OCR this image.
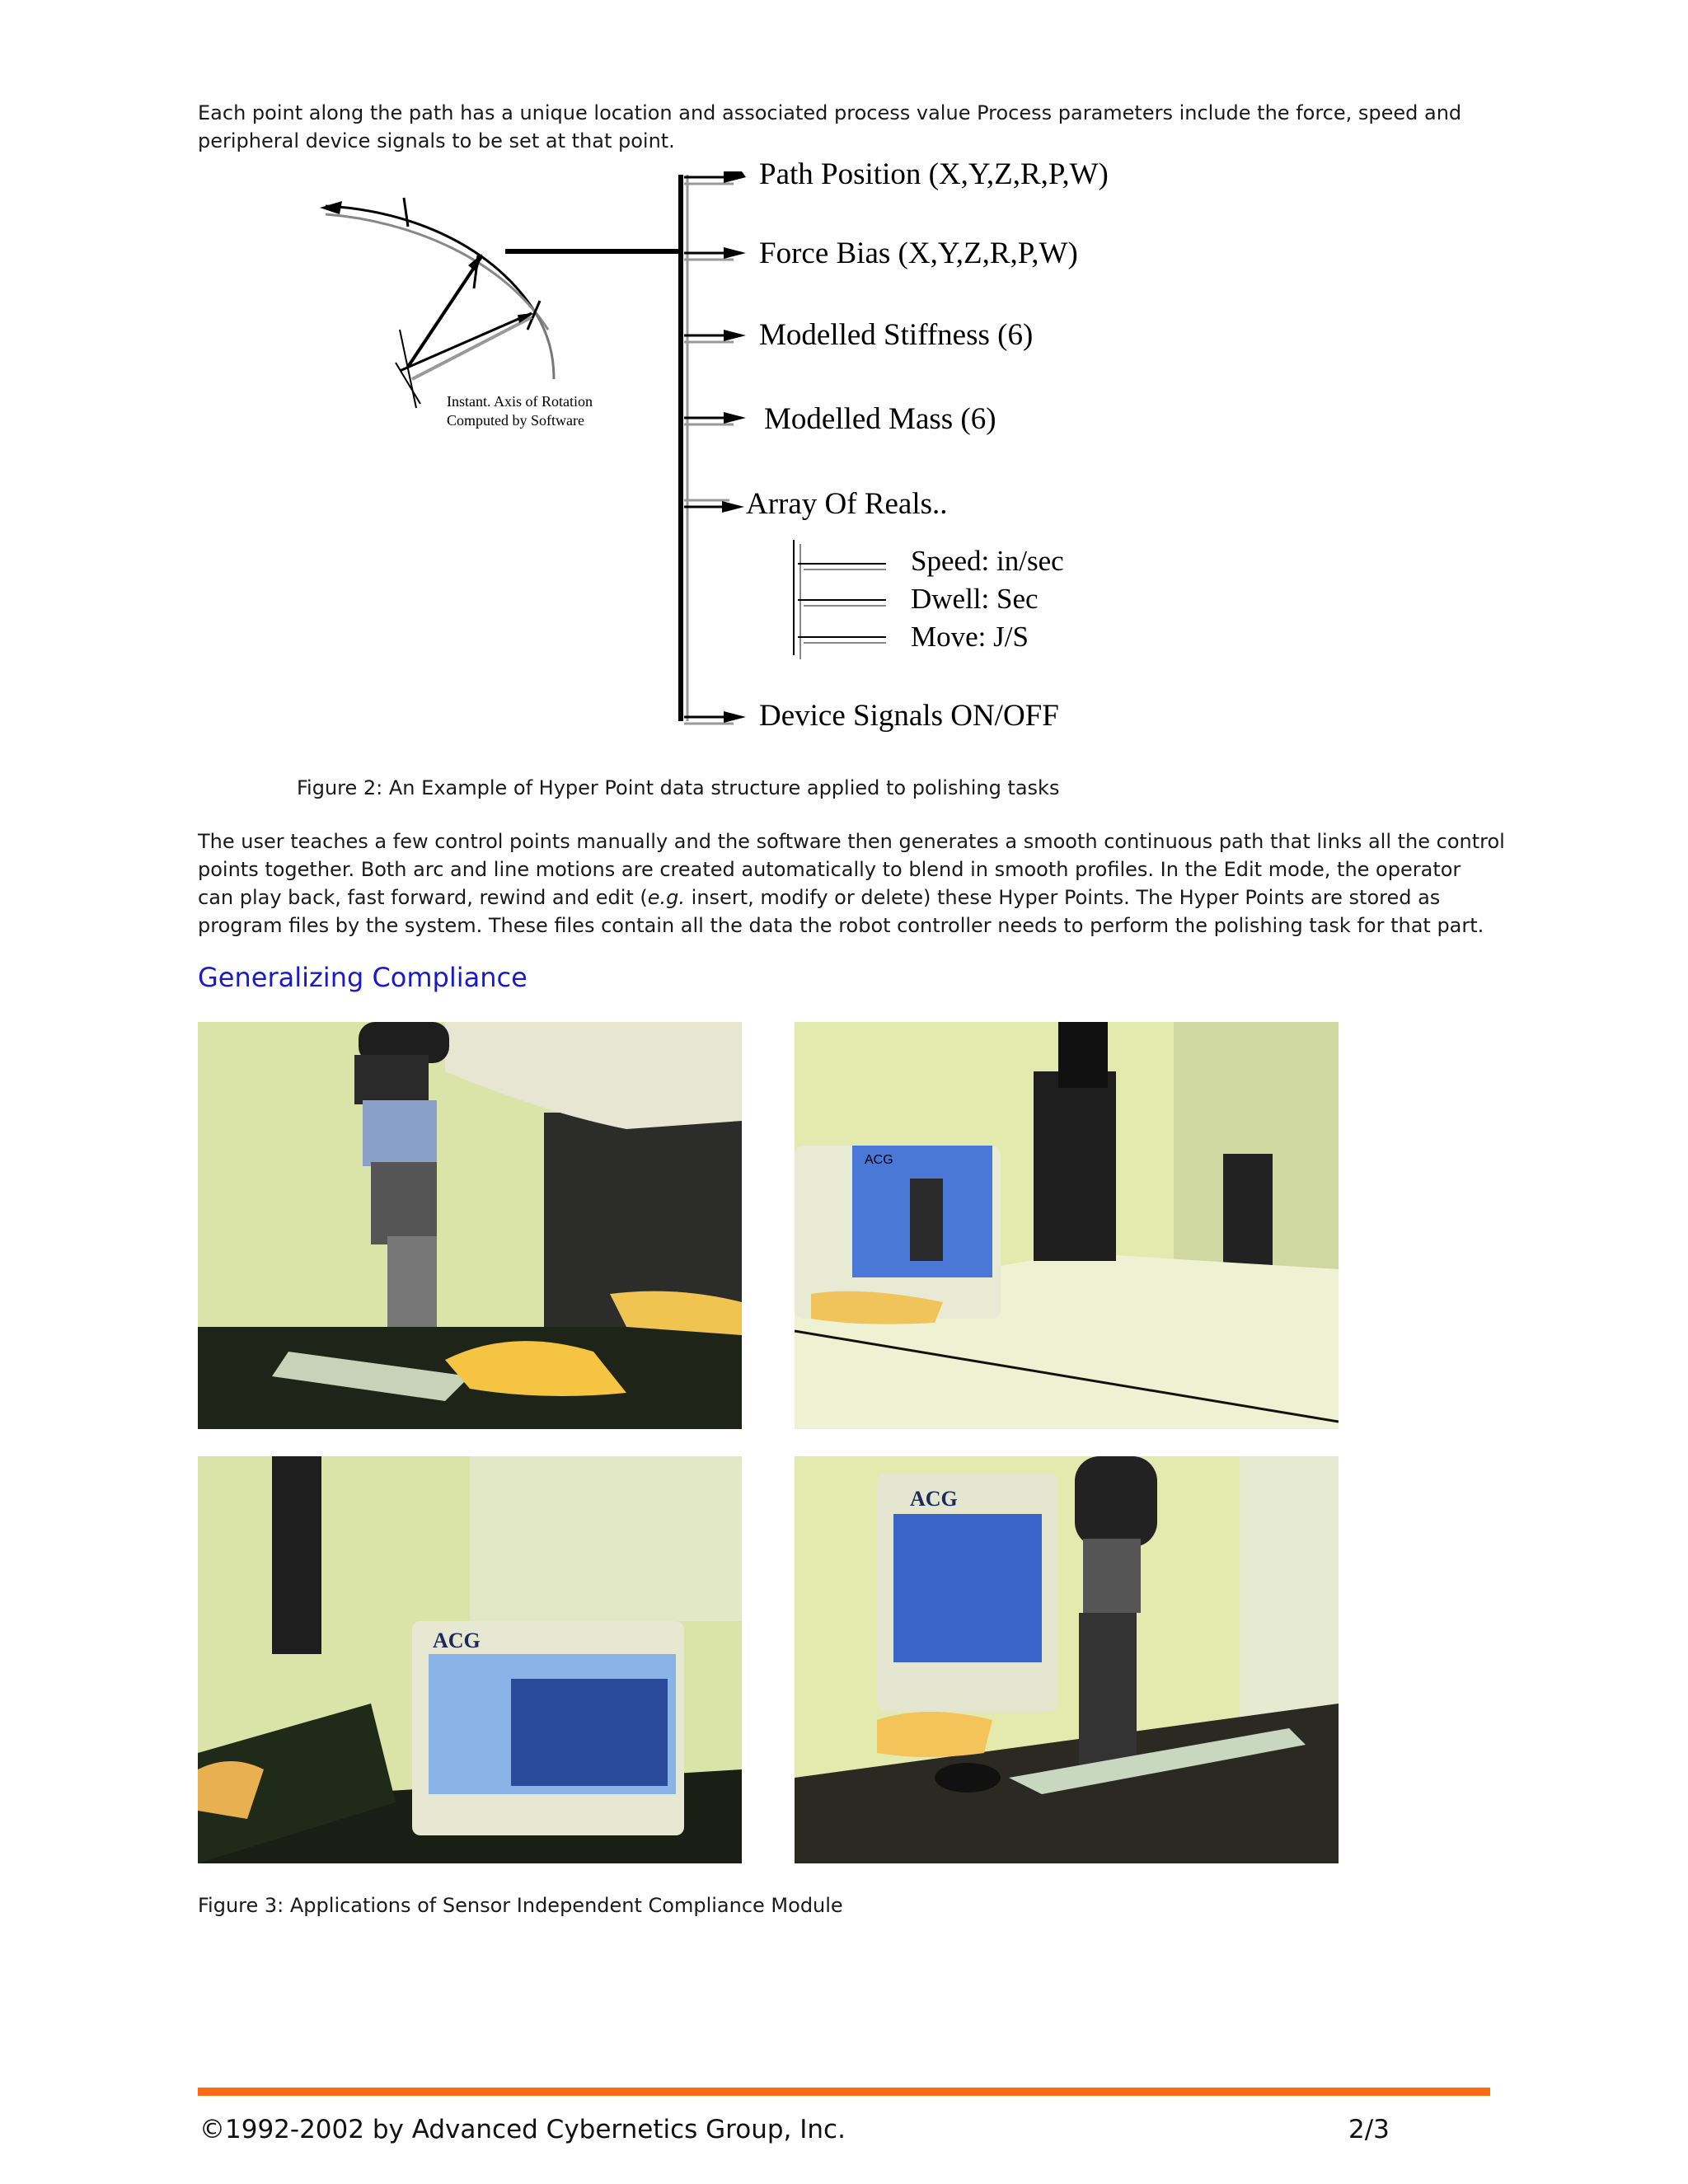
Each point along the path has a unique location and associated process value Process parameters include the force, speed and
peripheral device signals to be set at that point.
Instant. Axis of Rotation
Computed by Software
Path Position (X,Y,Z,R,P,W)
Force Bias (X,Y,Z,R,P,W)
Modelled Stiffness (6)
Modelled Mass (6)
Array Of Reals..
Speed: in/sec
Dwell: Sec
Move: J/S
Device Signals ON/OFF
Figure 2: An Example of Hyper Point data structure applied to polishing tasks
The user teaches a few control points manually and the software then generates a smooth continuous path that links all the control
points together. Both arc and line motions are created automatically to blend in smooth profiles. In the Edit mode, the operator
can play back, fast forward, rewind and edit (e.g. insert, modify or delete) these Hyper Points. The Hyper Points are stored as
program files by the system. These files contain all the data the robot controller needs to perform the polishing task for that part.
Generalizing Compliance
ACG
ACG
ACG
Figure 3: Applications of Sensor Independent Compliance Module
©1992-2002 by Advanced Cybernetics Group, Inc.	2/3
